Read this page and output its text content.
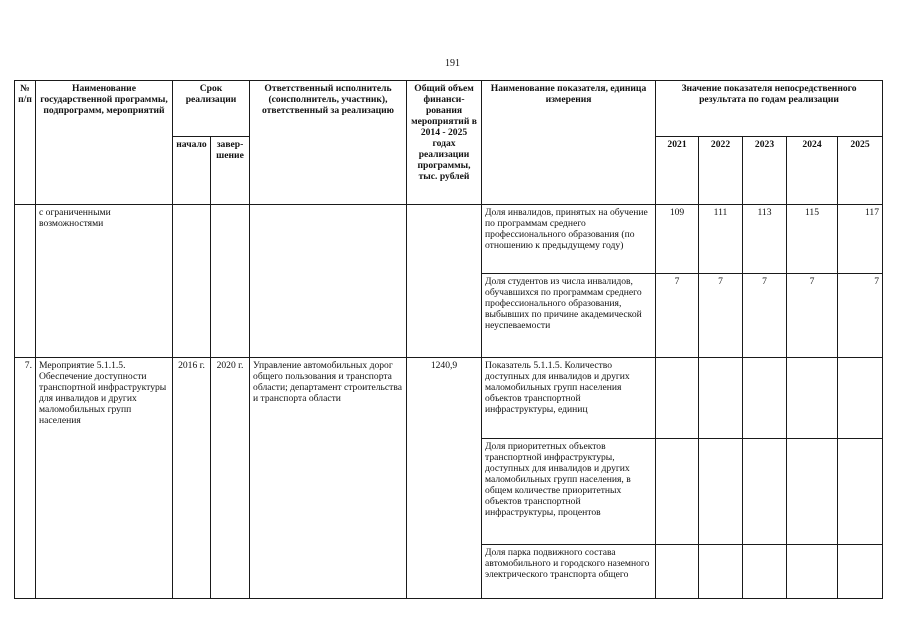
191
№ п/п	Наименование государственной программы, подпрограмм, мероприятий	Срок реализации		Ответственный исполнитель (соисполнитель, участник), ответственный за реализацию	Общий объем финанси-рования мероприятий в 2014 - 2025 годах реализации программы, тыс. рублей	Наименование показателя, единица измерения	Значение показателя непосредственного результата по годам реализации				
		начало	завер-шение				2021	2022	2023	2024	2025
	с ограниченными возможностями					Доля инвалидов, принятых на обучение по программам среднего профессионального образования (по отношению к предыдущему году)	109	111	113	115	117
						Доля студентов из числа инвалидов, обучавшихся по программам среднего профессионального образования, выбывших по причине академической неуспеваемости	7	7	7	7	7
7.	Мероприятие 5.1.1.5. Обеспечение доступности транспортной инфраструктуры для инвалидов и других маломобильных групп населения	2016 г.	2020 г.	Управление автомобильных дорог общего пользования и транспорта области; департамент строительства и транспорта области	1240,9	Показатель 5.1.1.5. Количество доступных для инвалидов и других маломобильных групп населения объектов транспортной инфраструктуры, единиц					
						Доля приоритетных объектов транспортной инфраструктуры, доступных для инвалидов и других маломобильных групп населения, в общем количестве приоритетных объектов транспортной инфраструктуры, процентов					
						Доля парка подвижного состава автомобильного и городского наземного электрического транспорта общего					
